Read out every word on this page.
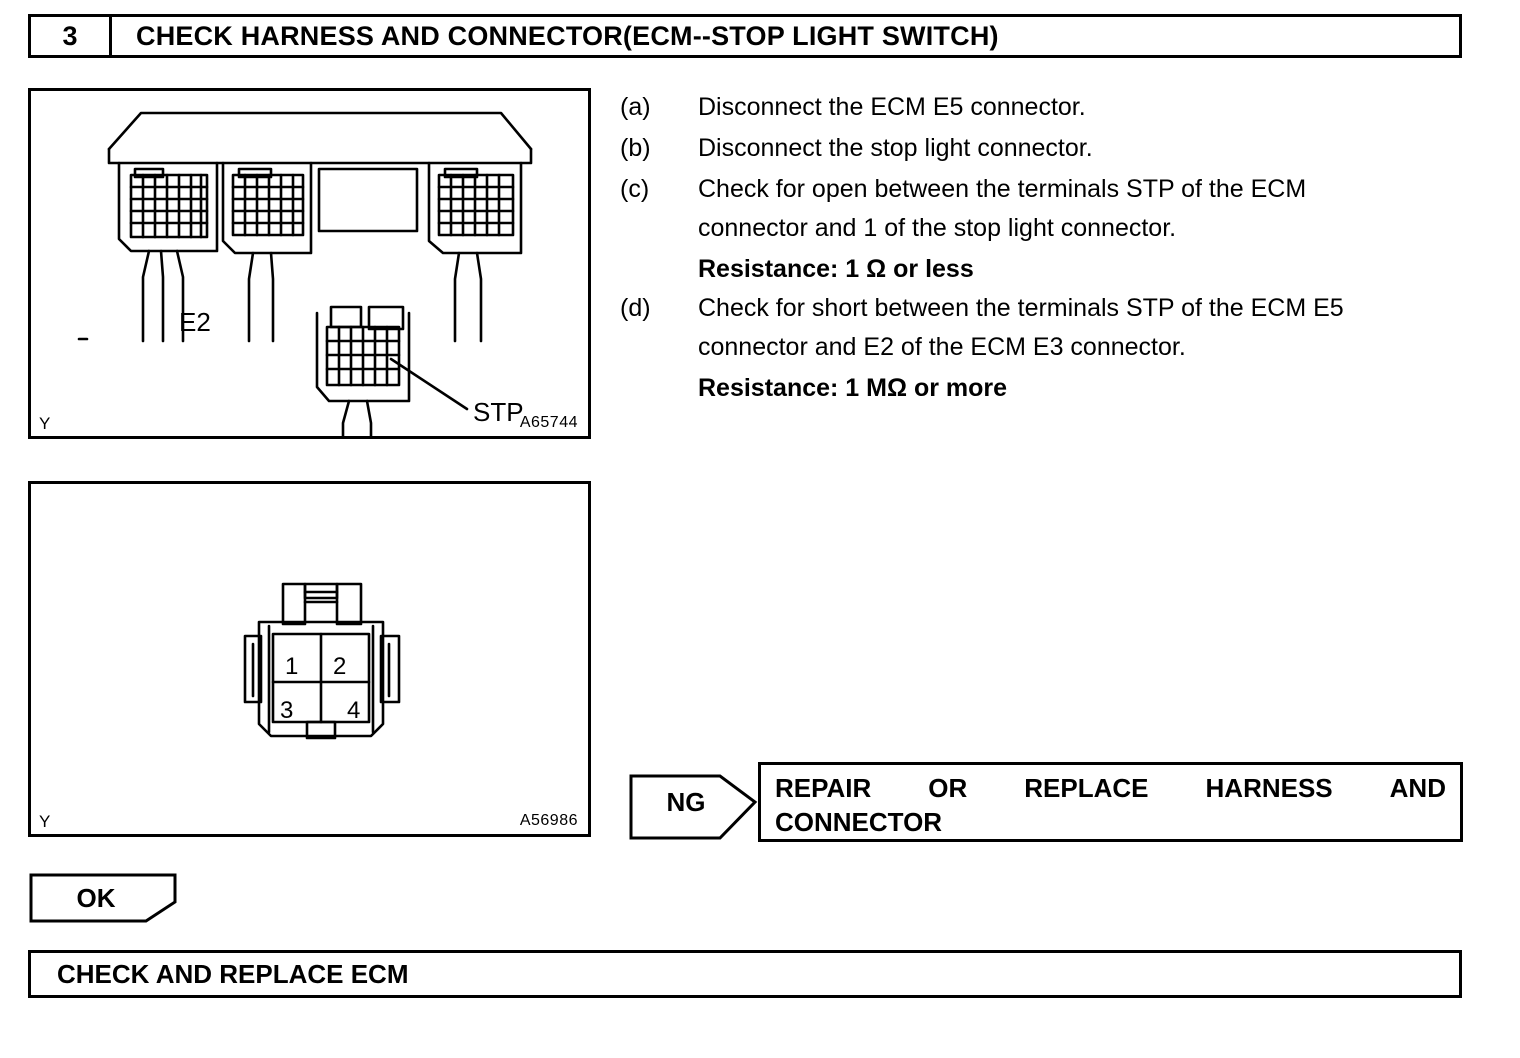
3	CHECK HARNESS AND CONNECTOR(ECM--STOP LIGHT SWITCH)
E2
STP
Y	A65744
1 2
3 4
Y	A56986
(a)	Disconnect the ECM E5 connector.
(b)	Disconnect the stop light connector.
(c)	Check for open between the terminals STP of the ECM
connector and 1 of the stop light connector.
Resistance: 1 Ω or less
(d)	Check for short between the terminals STP of the ECM E5
connector and E2 of the ECM E3 connector.
Resistance: 1 MΩ or more
NG	REPAIR OR REPLACE HARNESS AND
CONNECTOR
OK
CHECK AND REPLACE ECM
